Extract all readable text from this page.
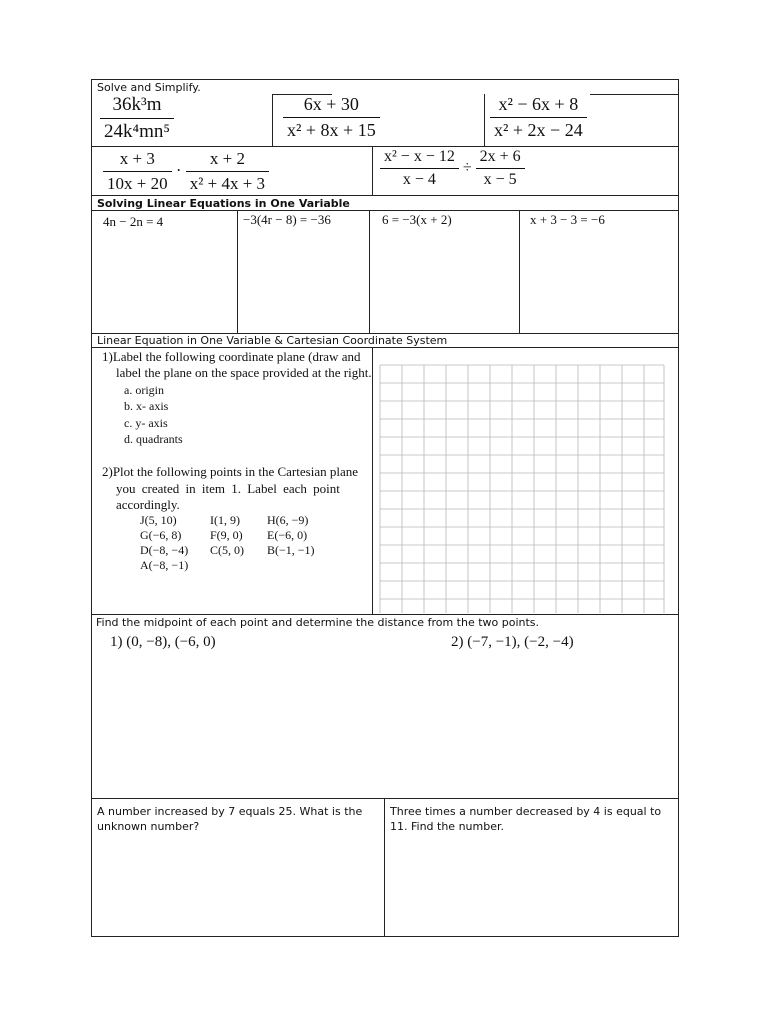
Solve and Simplify.
$\frac{\text{36k³m}}{\text{24k⁴mn⁵}}$	$\frac{6x + 30}{\text{x² + 8x + 15}}$	$\frac{\text{x² − 6x + 8}}{\text{x² + 2x − 24}}$
$\frac{x + 3}{10x + 20} \cdot \frac{x + 2}{\text{x² + 4x + 3}}$	$\frac{\text{x² − x − 12}}{x - 4} \div \frac{2x + 6}{x - 5}$
Solving Linear Equations in One Variable
4n − 2n = 4	−3(4r − 8) = −36	6 = −3(x + 2)	x + 3 − 3 = −6
Linear Equation in One Variable & Cartesian Coordinate System
1)Label the following coordinate plane (draw and
label the plane on the space provided at the right.
a. origin
b. x- axis
c. y- axis
d. quadrants
2)Plot the following points in the Cartesian plane
you created in item 1. Label each point
accordingly.
J(5, 10)	I(1, 9) H(6, −9)
G(−6, 8) F(9, 0) E(−6, 0)
D(−8, −4) C(5, 0) B(−1, −1)
A(−8, −1)
Find the midpoint of each point and determine the distance from the two points.
1) (0, −8), (−6, 0)	2) (−7, −1), (−2, −4)
A number increased by 7 equals 25. What is the unknown number?
Three times a number decreased by 4 is equal to 11. Find the number.
